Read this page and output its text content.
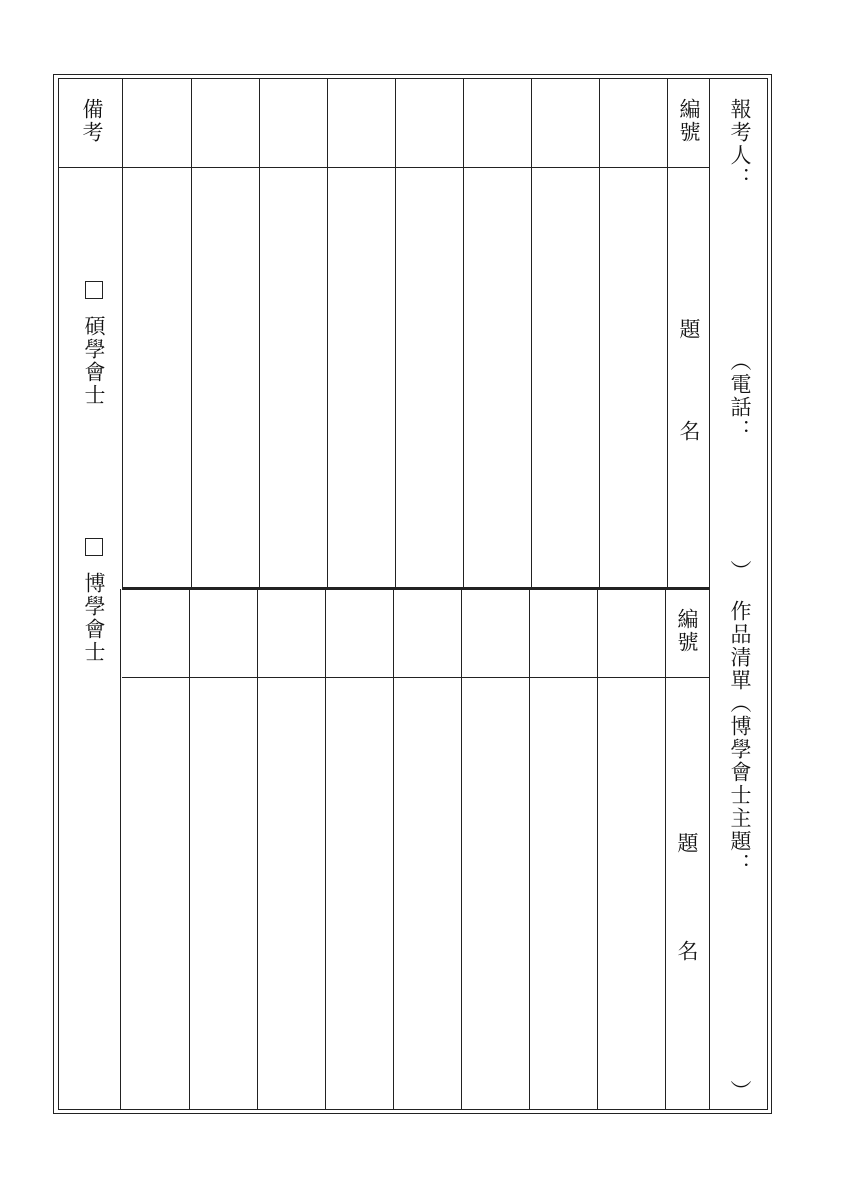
報考人：
（電話：
）
作品清單（博學會士主題：
）
編號
題
名
編號
題
名
備考
碩學會士
博學會士
